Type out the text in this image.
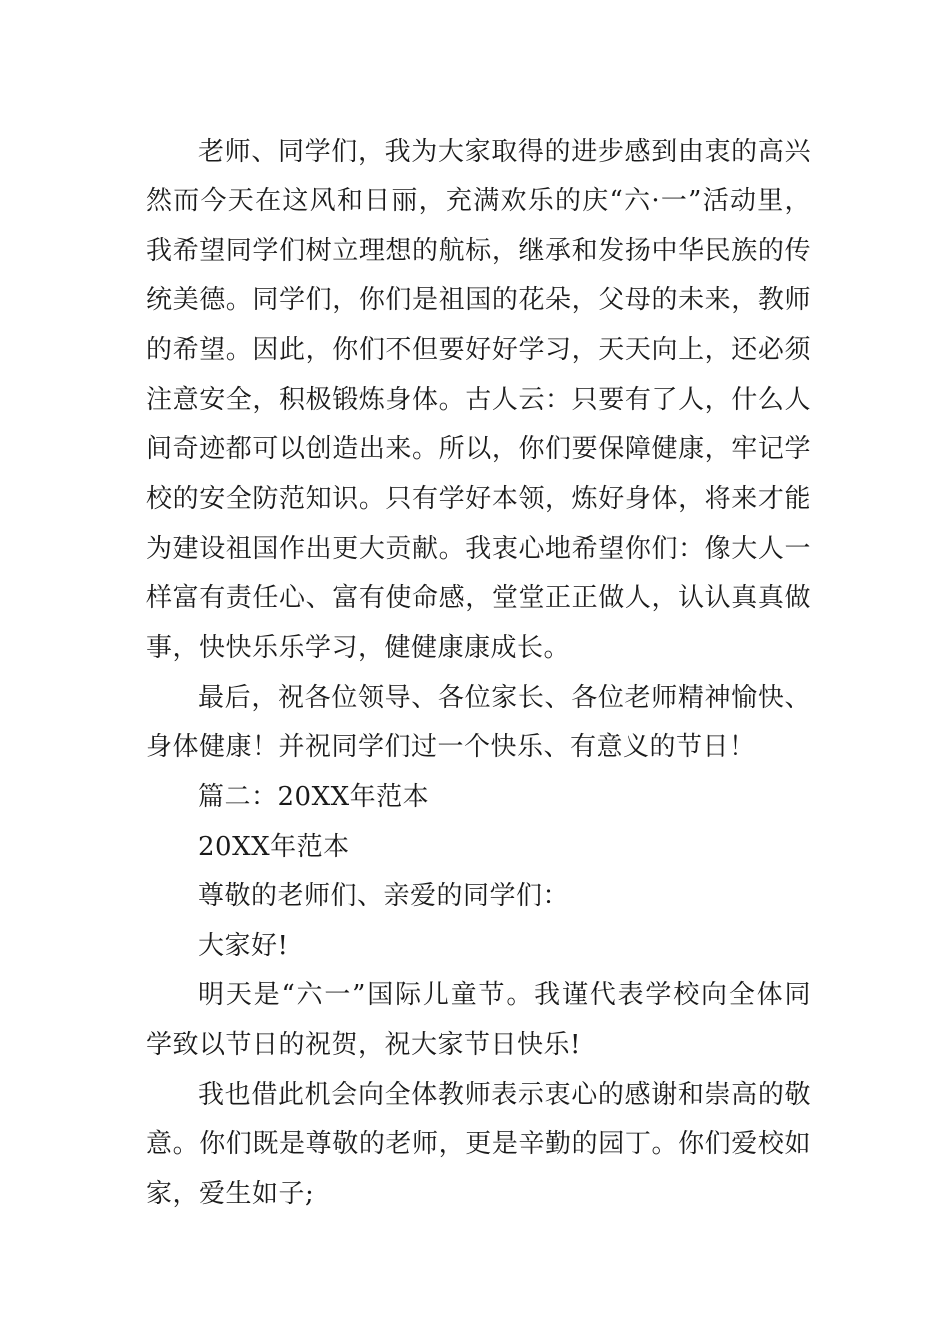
老师、同学们，我为大家取得的进步感到由衷的高兴
然而今天在这风和日丽，充满欢乐的庆“六·一”活动里，
我希望同学们树立理想的航标，继承和发扬中华民族的传
统美德。同学们，你们是祖国的花朵，父母的未来，教师
的希望。因此，你们不但要好好学习，天天向上，还必须
注意安全，积极锻炼身体。古人云：只要有了人，什么人
间奇迹都可以创造出来。所以，你们要保障健康，牢记学
校的安全防范知识。只有学好本领，炼好身体，将来才能
为建设祖国作出更大贡献。我衷心地希望你们：像大人一
样富有责任心、富有使命感，堂堂正正做人，认认真真做
事，快快乐乐学习，健健康康成长。
最后，祝各位领导、各位家长、各位老师精神愉快、
身体健康！并祝同学们过一个快乐、有意义的节日！
篇二：20XX年范本
20XX年范本
尊敬的老师们、亲爱的同学们：
大家好!
明天是“六一”国际儿童节。我谨代表学校向全体同
学致以节日的祝贺，祝大家节日快乐!
我也借此机会向全体教师表示衷心的感谢和崇高的敬
意。你们既是尊敬的老师，更是辛勤的园丁。你们爱校如
家，爱生如子;
